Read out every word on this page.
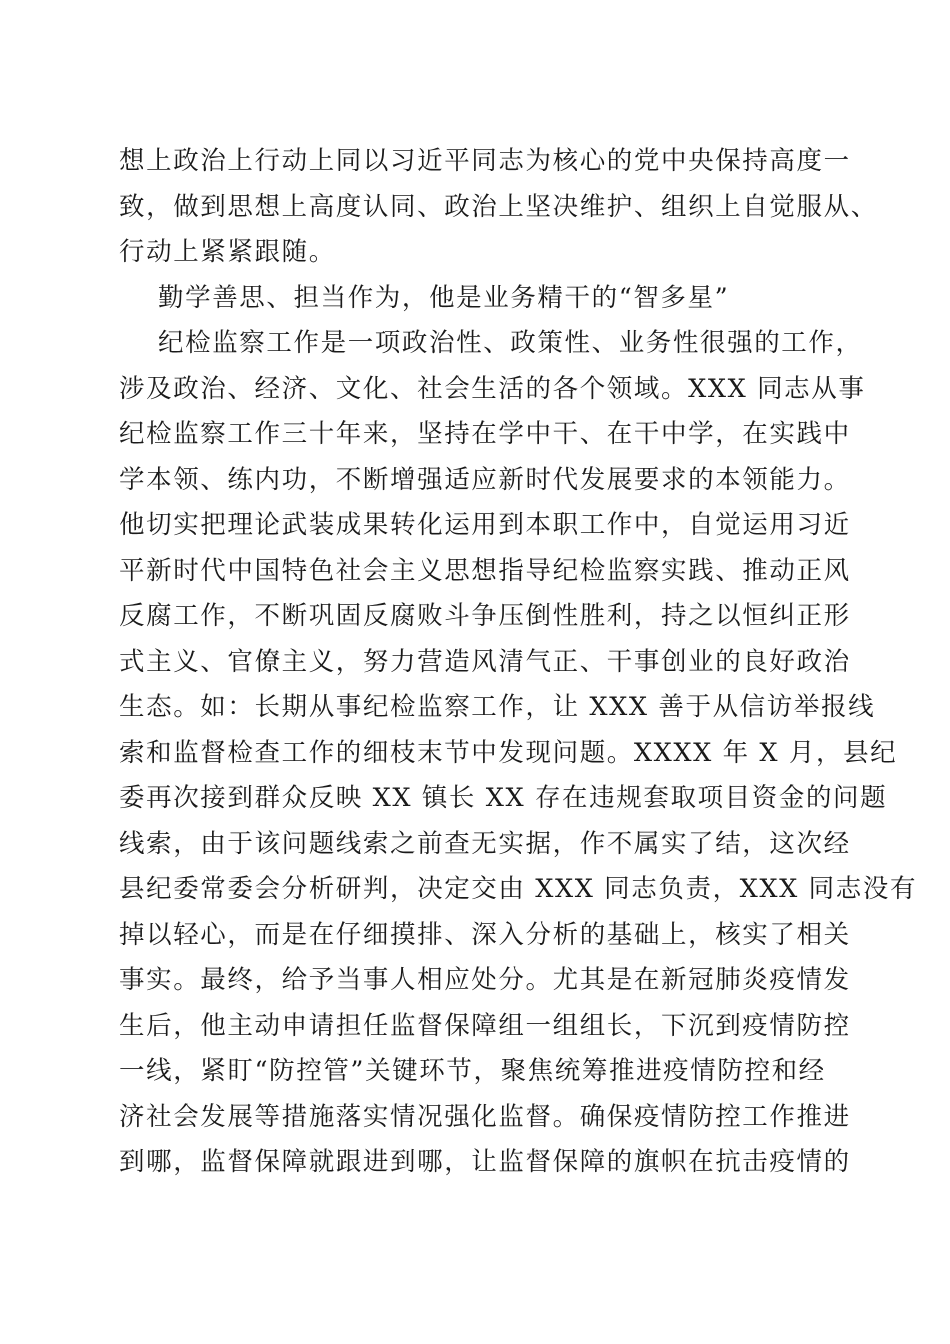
想上政治上行动上同以习近平同志为核心的党中央保持高度一
致，做到思想上高度认同、政治上坚决维护、组织上自觉服从、
行动上紧紧跟随。
勤学善思、担当作为，他是业务精干的“智多星”
纪检监察工作是一项政治性、政策性、业务性很强的工作，
涉及政治、经济、文化、社会生活的各个领域。XXX 同志从事
纪检监察工作三十年来，坚持在学中干、在干中学，在实践中
学本领、练内功，不断增强适应新时代发展要求的本领能力。
他切实把理论武装成果转化运用到本职工作中，自觉运用习近
平新时代中国特色社会主义思想指导纪检监察实践、推动正风
反腐工作，不断巩固反腐败斗争压倒性胜利，持之以恒纠正形
式主义、官僚主义，努力营造风清气正、干事创业的良好政治
生态。如：长期从事纪检监察工作，让 XXX 善于从信访举报线
索和监督检查工作的细枝末节中发现问题。XXXX 年 X 月，县纪
委再次接到群众反映 XX 镇长 XX 存在违规套取项目资金的问题
线索，由于该问题线索之前查无实据，作不属实了结，这次经
县纪委常委会分析研判，决定交由 XXX 同志负责，XXX 同志没有
掉以轻心，而是在仔细摸排、深入分析的基础上，核实了相关
事实。最终，给予当事人相应处分。尤其是在新冠肺炎疫情发
生后，他主动申请担任监督保障组一组组长，下沉到疫情防控
一线，紧盯“防控管”关键环节，聚焦统筹推进疫情防控和经
济社会发展等措施落实情况强化监督。确保疫情防控工作推进
到哪，监督保障就跟进到哪，让监督保障的旗帜在抗击疫情的
